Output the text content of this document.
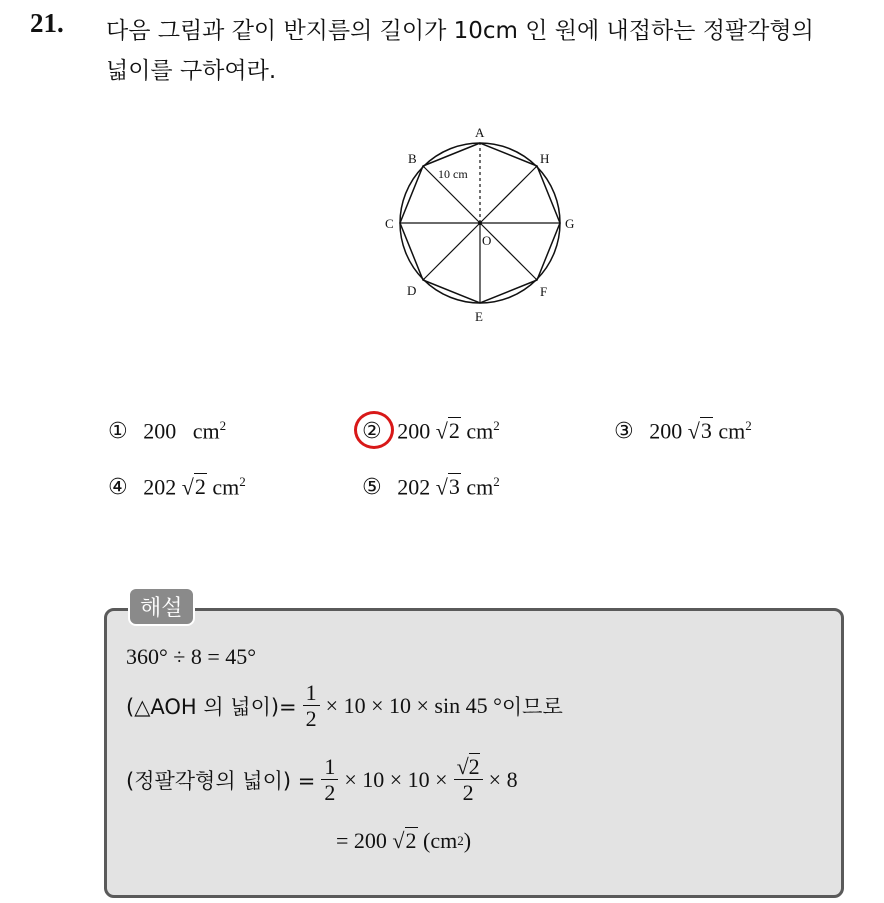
21. 다음 그림과 같이 반지름의 길이가 10cm 인 원에 내접하는 정팔각형의
넓이를 구하여라.
A
B
C
D
E
F
G
H
O
10 cm
① 200 $cm^2$	② 200 √2 $cm^2$	③ 200 √3 $cm^2$
④ 202 √2 $cm^2$	⑤ 202 √3 $cm^2$
해설
360° ÷ 8 = 45°
(△AOH 의 넓이)= $\frac{1}{2} \times 10 \times 10 \times \sin 45$ ° 이므로
(정팔각형의 넓이) = $\frac{1}{2} \times 10 \times 10 \times \frac{√2}{2} \times 8$
= 200
√2
(cm 2 )
